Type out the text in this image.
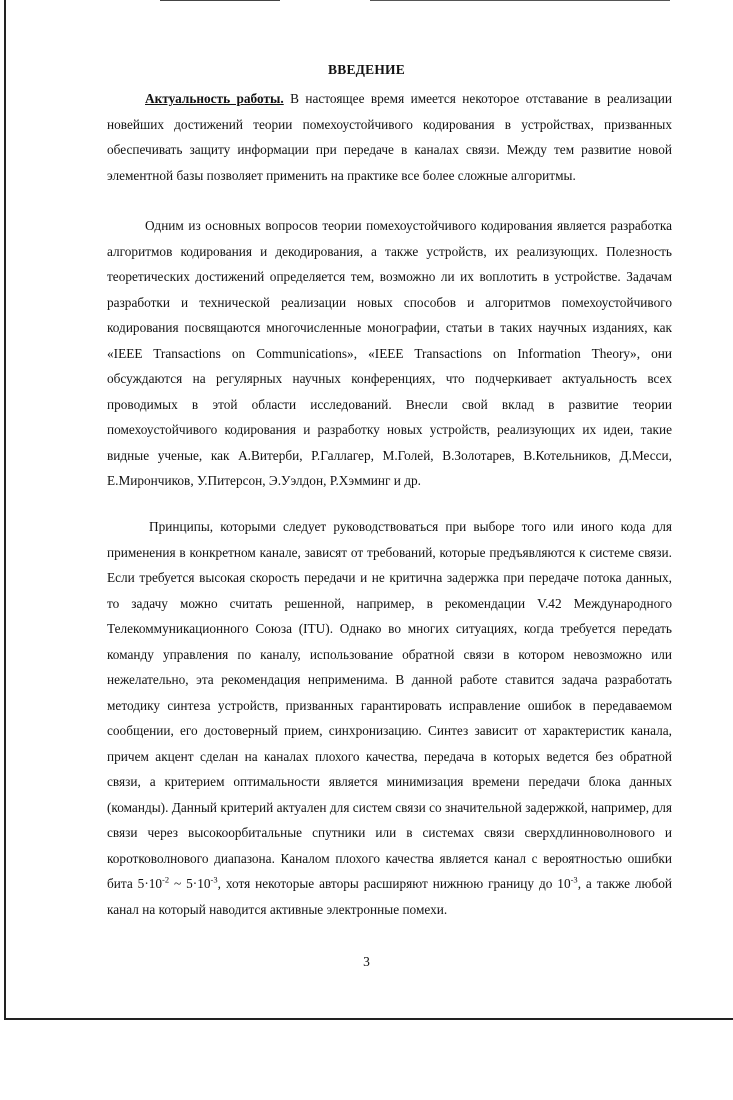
ВВЕДЕНИЕ

Актуальность работы. В настоящее время имеется некоторое отставание в реализации новейших достижений теории помехоустойчивого кодирования в устройствах, призванных обеспечивать защиту информации при передаче в каналах связи. Между тем развитие новой элементной базы позволяет применить на практике все более сложные алгоритмы.

Одним из основных вопросов теории помехоустойчивого кодирования является разработка алгоритмов кодирования и декодирования, а также устройств, их реализующих. Полезность теоретических достижений определяется тем, возможно ли их воплотить в устройстве. Задачам разработки и технической реализации новых способов и алгоритмов помехоустойчивого кодирования посвящаются многочисленные монографии, статьи в таких научных изданиях, как «IEEE Transactions on Communications», «IEEE Transactions on Information Theory», они обсуждаются на регулярных научных конференциях, что подчеркивает актуальность всех проводимых в этой области исследований. Внесли свой вклад в развитие теории помехоустойчивого кодирования и разработку новых устройств, реализующих их идеи, такие видные ученые, как А.Витерби, Р.Галлагер, М.Голей, В.Золотарев, В.Котельников, Д.Месси, Е.Мирончиков, У.Питерсон, Э.Уэлдон, Р.Хэмминг и др.

Принципы, которыми следует руководствоваться при выборе того или иного кода для применения в конкретном канале, зависят от требований, которые предъявляются к системе связи. Если требуется высокая скорость передачи и не критична задержка при передаче потока данных, то задачу можно считать решенной, например, в рекомендации V.42 Международного Телекоммуникационного Союза (ITU). Однако во многих ситуациях, когда требуется передать команду управления по каналу, использование обратной связи в котором невозможно или нежелательно, эта рекомендация неприменима. В данной работе ставится задача разработать методику синтеза устройств, призванных гарантировать исправление ошибок в передаваемом сообщении, его достоверный прием, синхронизацию. Синтез зависит от характеристик канала, причем акцент сделан на каналах плохого качества, передача в которых ведется без обратной связи, а критерием оптимальности является минимизация времени передачи блока данных (команды). Данный критерий актуален для систем связи со значительной задержкой, например, для связи через высокоорбитальные спутники или в системах связи сверхдлинноволнового и коротковолнового диапазона. Каналом плохого качества является канал с вероятностью ошибки бита $5\cdot 10^{-2}$ ~ $5\cdot 10^{-3}$, хотя некоторые авторы расширяют нижнюю границу до $10^{-3}$, а также любой канал на который наводится активные электронные помехи.

3
